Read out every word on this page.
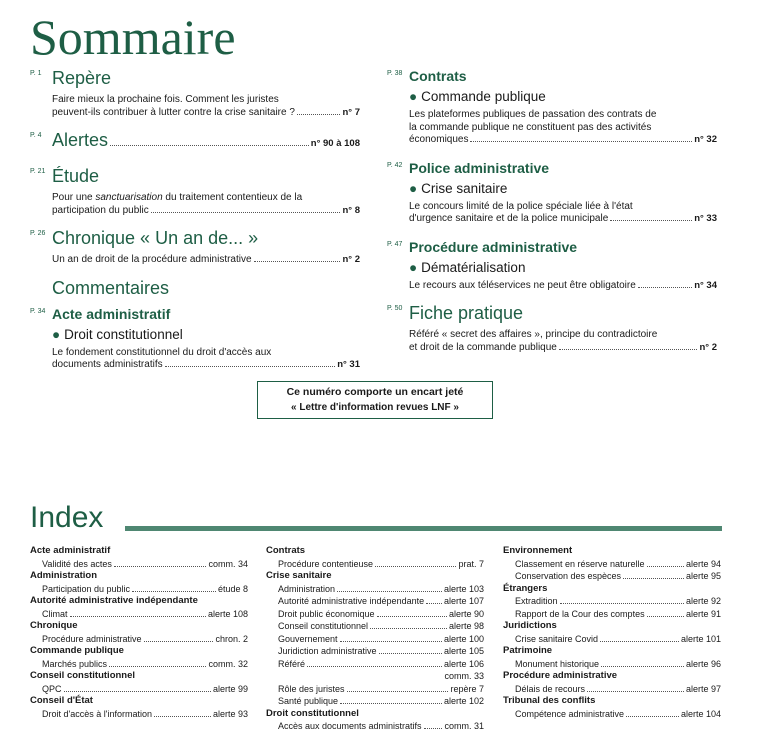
Sommaire
P. 1 Repère
Faire mieux la prochaine fois. Comment les juristes
peuvent-ils contribuer à lutter contre la crise sanitaire ?	n° 7
P. 4 Alertes	n° 90 à 108
P. 21 Étude
Pour une sanctuarisation du traitement contentieux de la
participation du public	n° 8
P. 26 Chronique « Un an de... »
Un an de droit de la procédure administrative	n° 2
Commentaires
P. 34 Acte administratif
● Droit constitutionnel
Le fondement constitutionnel du droit d'accès aux
documents administratifs	n° 31
P. 38 Contrats
● Commande publique
Les plateformes publiques de passation des contrats de
la commande publique ne constituent pas des activités
économiques	n° 32
P. 42 Police administrative
● Crise sanitaire
Le concours limité de la police spéciale liée à l'état
d'urgence sanitaire et de la police municipale	n° 33
P. 47 Procédure administrative
● Dématérialisation
Le recours aux téléservices ne peut être obligatoire	n° 34
P. 50 Fiche pratique
Référé « secret des affaires », principe du contradictoire
et droit de la commande publique	n° 2
Ce numéro comporte un encart jeté
« Lettre d'information revues LNF »
Index
Acte administratif
Validité des actes	comm. 34
Administration
Participation du public	étude 8
Autorité administrative indépendante
Climat	alerte 108
Chronique
Procédure administrative	chron. 2
Commande publique
Marchés publics	comm. 32
Conseil constitutionnel
QPC	alerte 99
Conseil d'État
Droit d'accès à l'information	alerte 93
Contrats
Procédure contentieuse	prat. 7
Crise sanitaire
Administration	alerte 103
Autorité administrative indépendante alerte 107
Droit public économique	alerte 90
Conseil constitutionnel	alerte 98
Gouvernement	alerte 100
Juridiction administrative	alerte 105
Référé	alerte 106
comm. 33
Rôle des juristes	repère 7
Santé publique	alerte 102
Droit constitutionnel
Accès aux documents administratifs	comm. 31
Environnement
Classement en réserve naturelle	alerte 94
Conservation des espèces	alerte 95
Étrangers
Extradition	alerte 92
Rapport de la Cour des comptes	alerte 91
Juridictions
Crise sanitaire Covid	alerte 101
Patrimoine
Monument historique	alerte 96
Procédure administrative
Délais de recours	alerte 97
Tribunal des conflits
Compétence administrative	alerte 104
